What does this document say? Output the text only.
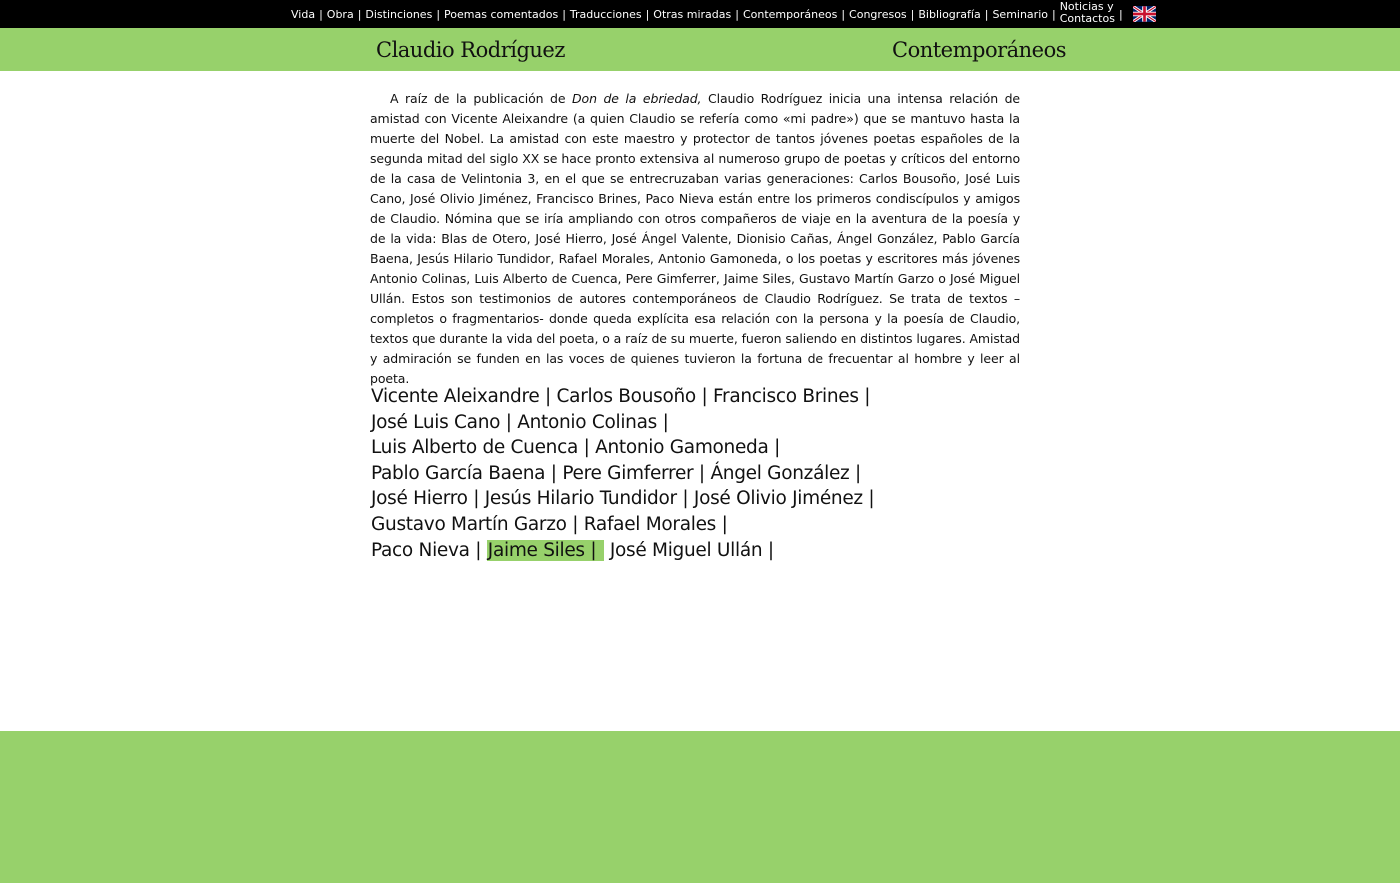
Vida | Obra | Distinciones | Poemas comentados | Traducciones | Otras miradas | Contemporáneos | Congresos | Bibliografía | Seminario |
Noticias y
Contactos |
Claudio Rodríguez	Contemporáneos
A raíz de la publicación de Don de la ebriedad, Claudio Rodríguez inicia una intensa relación de amistad con Vicente Aleixandre (a quien Claudio se refería como «mi padre») que se mantuvo hasta la muerte del Nobel. La amistad con este maestro y protector de tantos jóvenes poetas españoles de la segunda mitad del siglo XX se hace pronto extensiva al numeroso grupo de poetas y críticos del entorno de la casa de Velintonia 3, en el que se entrecruzaban varias generaciones: Carlos Bousoño, José Luis Cano, José Olivio Jiménez, Francisco Brines, Paco Nieva están entre los primeros condiscípulos y amigos de Claudio. Nómina que se iría ampliando con otros compañeros de viaje en la aventura de la poesía y de la vida: Blas de Otero, José Hierro, José Ángel Valente, Dionisio Cañas, Ángel González, Pablo García Baena, Jesús Hilario Tundidor, Rafael Morales, Antonio Gamoneda, o los poetas y escritores más jóvenes Antonio Colinas, Luis Alberto de Cuenca, Pere Gimferrer, Jaime Siles, Gustavo Martín Garzo o José Miguel Ullán. Estos son testimonios de autores contemporáneos de Claudio Rodríguez. Se trata de textos –completos o fragmentarios- donde queda explícita esa relación con la persona y la poesía de Claudio, textos que durante la vida del poeta, o a raíz de su muerte, fueron saliendo en distintos lugares. Amistad y admiración se funden en las voces de quienes tuvieron la fortuna de frecuentar al hombre y leer al poeta.
Vicente Aleixandre | Carlos Bousoño | Francisco Brines |
José Luis Cano | Antonio Colinas |
Luis Alberto de Cuenca | Antonio Gamoneda |
Pablo García Baena | Pere Gimferrer | Ángel González |
José Hierro | Jesús Hilario Tundidor | José Olivio Jiménez |
Gustavo Martín Garzo | Rafael Morales |
Paco Nieva | Jaime Siles | José Miguel Ullán |
